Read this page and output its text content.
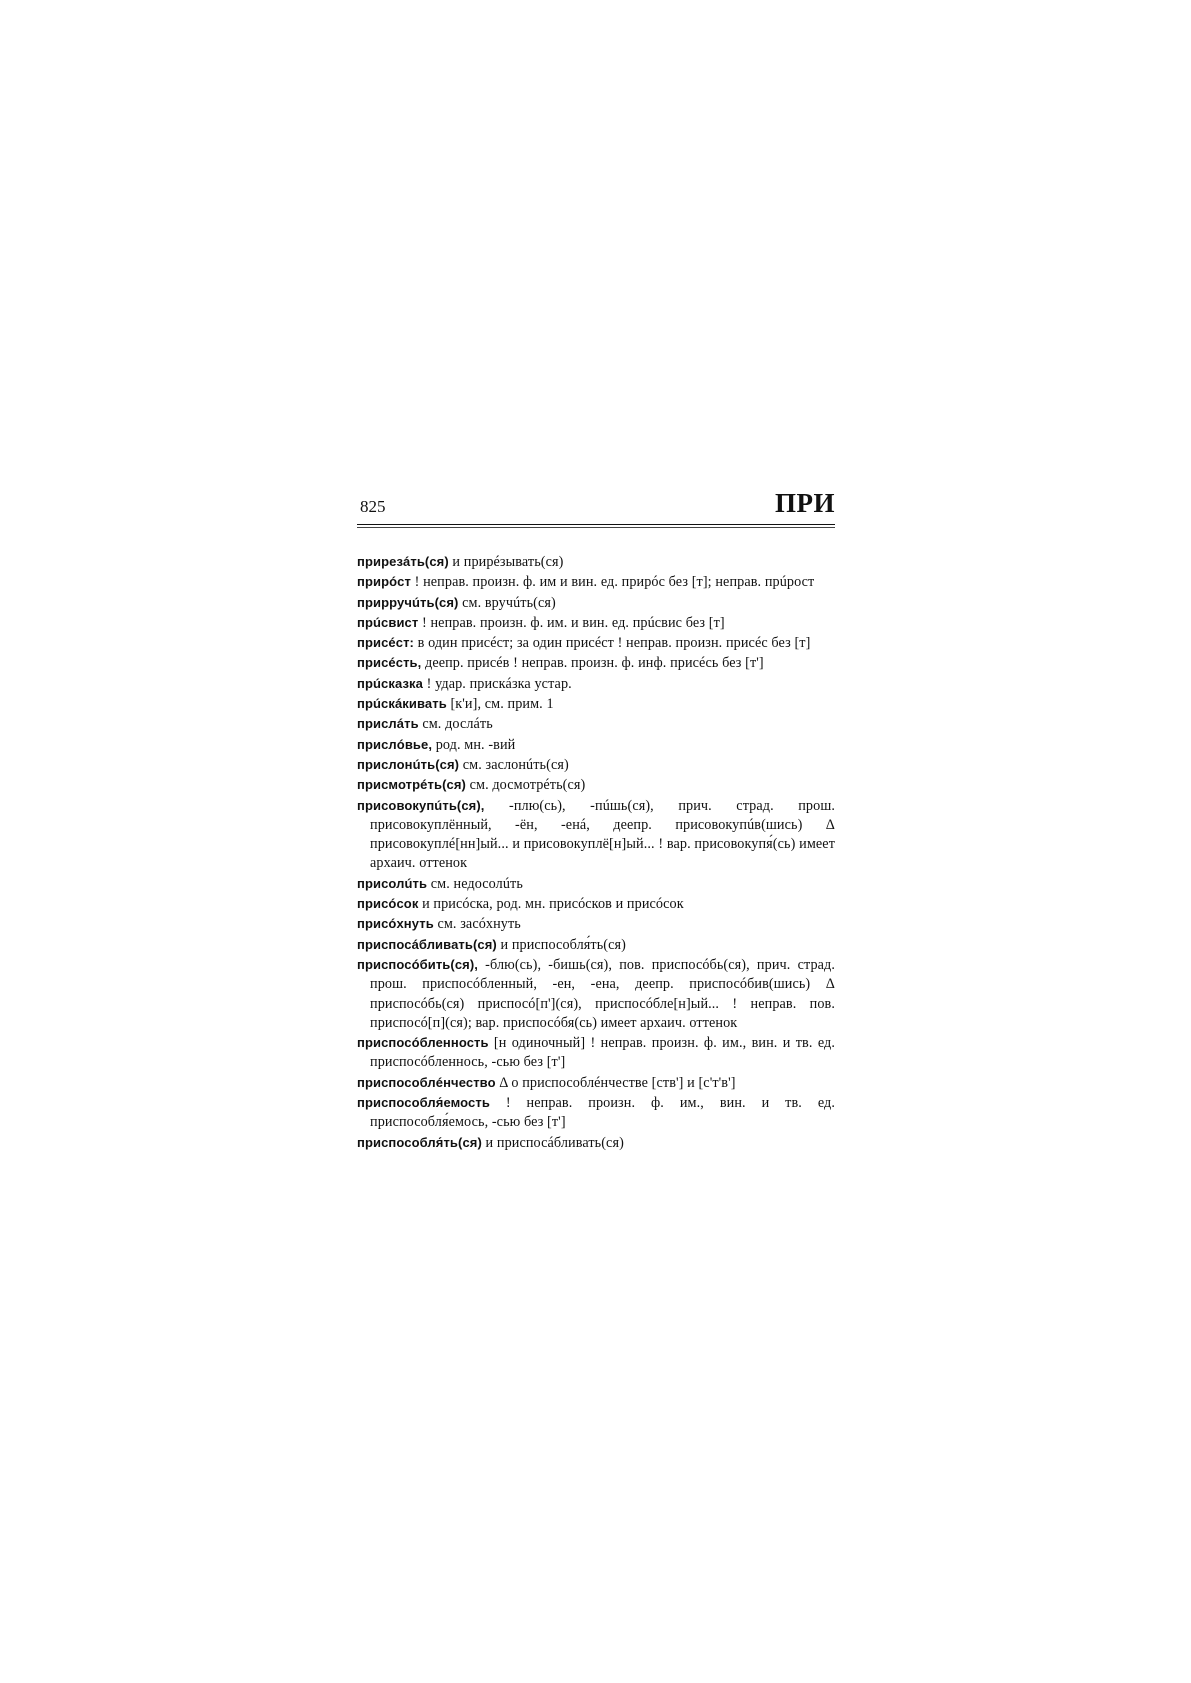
825	ПРИ
прирезáть(ся) и прирéзывать(ся)
прирóст ! неправ. произн. ф. им и вин. ед. прирóс без [т]; неправ. прúрост
прирручúть(ся) см. вручúть(ся)
прúсвист ! неправ. произн. ф. им. и вин. ед. прúсвис без [т]
присéст: в один присéст; за один присéст ! неправ. произн. присéс без [т]
присéсть, деепр. присéв ! неправ. произн. ф. инф. присéсь без [т']
прúсказка ! удар. прискáзка устар.
прúскáкивать [к'и], см. прим. 1
прислáть см. дослáть
прислóвье, род. мн. -вий
прислонúть(ся) см. заслонúть(ся)
присмотрéть(ся) см. досмотрéть(ся)
присовокупúть(ся), -плю(сь), -пúшь(ся), прич. страд. прош. присовокуплённый, -ён, -енá, деепр. присовокупúв(шись) Δ присовокуплé[нн]ый... и присовокуплё[н]ый... ! вар. присовокупя́(сь) имеет архаич. оттенок
присолúть см. недосолúть
присóсок и присóска, род. мн. присóсков и присóсок
присóхнуть см. засóхнуть
приспосáбливать(ся) и приспособля́ть(ся)
приспосóбить(ся), -блю(сь), -бишь(ся), пов. приспосóбь(ся), прич. страд. прош. приспосóбленный, -ен, -ена, деепр. приспосóбив(шись) Δ приспосóбь(ся) приспосó[п'](ся), приспосóбле[н]ый... ! неправ. пов. приспосó[п](ся); вар. приспосóбя(сь) имеет архаич. оттенок
приспосóбленность [н одиночный] ! неправ. произн. ф. им., вин. и тв. ед. приспосóбленнось, -сью без [т']
приспособлéнчество Δ о приспособлéнчестве [ств'] и [с'т'в']
приспособля́емость ! неправ. произн. ф. им., вин. и тв. ед. приспособля́емось, -сью без [т']
приспособля́ть(ся) и приспосáбливать(ся)
